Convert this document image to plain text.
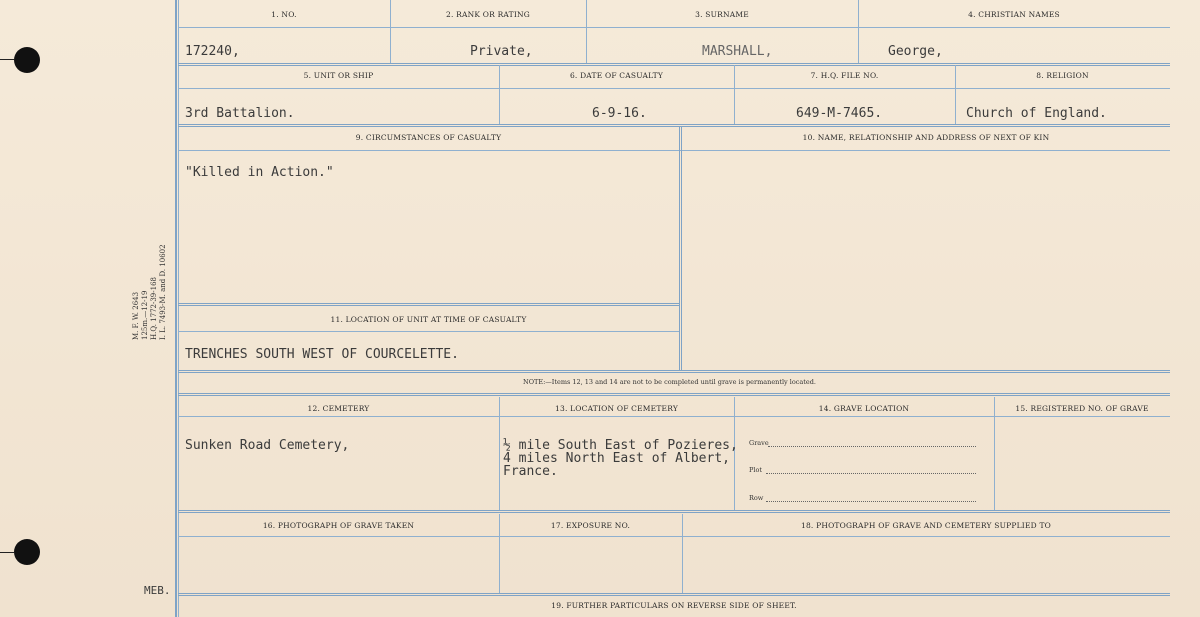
M. F. W. 2643 125m.—12-19 H.Q. 1772-39-168 I. L. 7493-M. and D. 10602
MEB.
1. NO.	2. RANK OR RATING	3. SURNAME	4. CHRISTIAN NAMES
172240,	Private,	MARSHALL,	George,
5. UNIT OR SHIP	6. DATE OF CASUALTY	7. H.Q. FILE NO.	8. RELIGION
3rd Battalion.	6-9-16.	649-M-7465.	Church of England.
9. CIRCUMSTANCES OF CASUALTY	10. NAME, RELATIONSHIP AND ADDRESS OF NEXT OF KIN
"Killed in Action."
11. LOCATION OF UNIT AT TIME OF CASUALTY
TRENCHES SOUTH WEST OF COURCELETTE.
NOTE:—Items 12, 13 and 14 are not to be completed until grave is permanently located.
12. CEMETERY	13. LOCATION OF CEMETERY	14. GRAVE LOCATION	15. REGISTERED NO. OF GRAVE
Sunken Road Cemetery,	½ mile South East of Pozieres,
4 miles North East of Albert,
France.
Grave
Plot
Row
16. PHOTOGRAPH OF GRAVE TAKEN	17. EXPOSURE NO.	18. PHOTOGRAPH OF GRAVE AND CEMETERY SUPPLIED TO
19. FURTHER PARTICULARS ON REVERSE SIDE OF SHEET.
